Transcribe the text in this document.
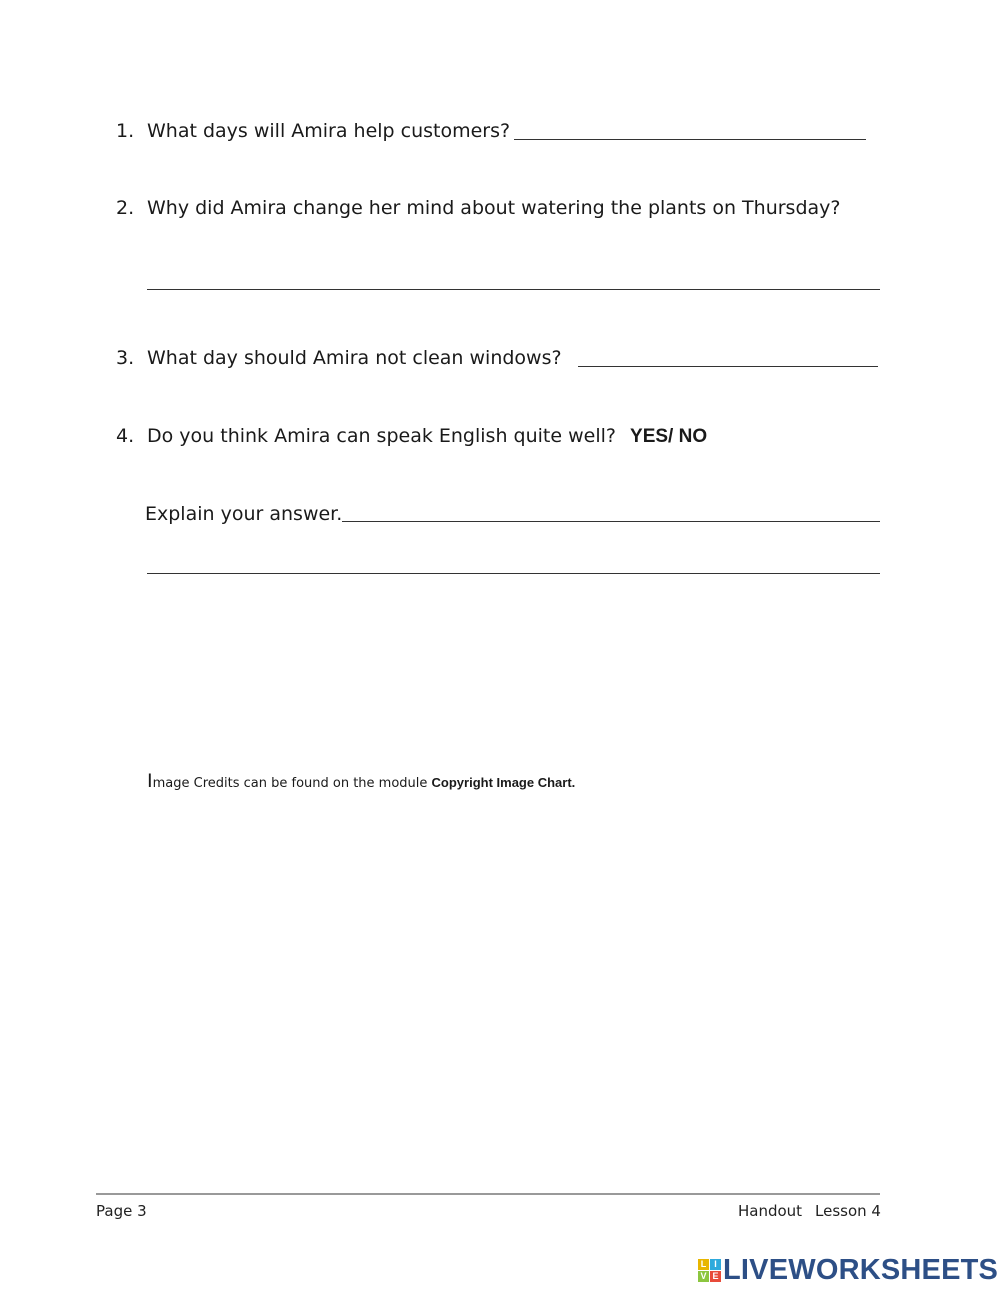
1. What days will Amira help customers?
2. Why did Amira change her mind about watering the plants on Thursday?
3. What day should Amira not clean windows?
4. Do you think Amira can speak English quite well? YES/ NO
Explain your answer.
Image Credits can be found on the module Copyright Image Chart.
Page 3	Handout Lesson 4
L I
V E LIVEWORKSHEETS
